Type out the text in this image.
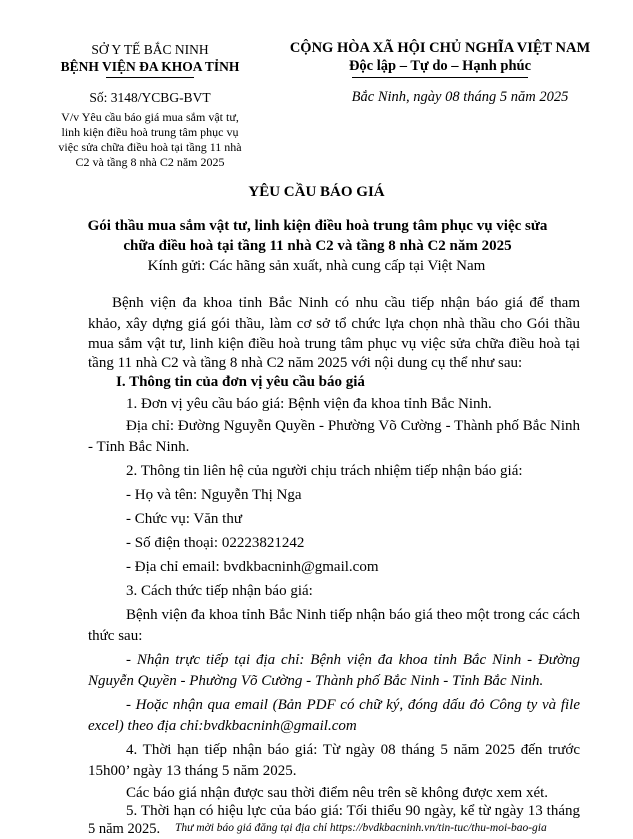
SỞ Y TẾ BẮC NINH
BỆNH VIỆN ĐA KHOA TỈNH
CỘNG HÒA XÃ HỘI CHỦ NGHĨA VIỆT NAM
Độc lập – Tự do – Hạnh phúc
Số: 3148/YCBG-BVT	Bắc Ninh, ngày 08 tháng 5 năm 2025
V/v Yêu cầu báo giá mua sắm vật tư,
linh kiện điều hoà trung tâm phục vụ
việc sửa chữa điều hoà tại tầng 11 nhà
C2 và tầng 8 nhà C2 năm 2025
YÊU CẦU BÁO GIÁ
Gói thầu mua sắm vật tư, linh kiện điều hoà trung tâm phục vụ việc sửa
chữa điều hoà tại tầng 11 nhà C2 và tầng 8 nhà C2 năm 2025
Kính gửi: Các hãng sản xuất, nhà cung cấp tại Việt Nam
Bệnh viện đa khoa tỉnh Bắc Ninh có nhu cầu tiếp nhận báo giá để tham
khảo, xây dựng giá gói thầu, làm cơ sở tổ chức lựa chọn nhà thầu cho Gói thầu
mua sắm vật tư, linh kiện điều hoà trung tâm phục vụ việc sửa chữa điều hoà tại
tầng 11 nhà C2 và tầng 8 nhà C2 năm 2025 với nội dung cụ thể như sau:
I. Thông tin của đơn vị yêu cầu báo giá
1. Đơn vị yêu cầu báo giá: Bệnh viện đa khoa tỉnh Bắc Ninh.
Địa chỉ: Đường Nguyễn Quyền - Phường Võ Cường - Thành phố Bắc Ninh
- Tỉnh Bắc Ninh.
2. Thông tin liên hệ của người chịu trách nhiệm tiếp nhận báo giá:
- Họ và tên: Nguyễn Thị Nga
- Chức vụ: Văn thư
- Số điện thoại: 02223821242
- Địa chỉ email: bvdkbacninh@gmail.com
3. Cách thức tiếp nhận báo giá:
Bệnh viện đa khoa tỉnh Bắc Ninh tiếp nhận báo giá theo một trong các cách
thức sau:
- Nhận trực tiếp tại địa chỉ: Bệnh viện đa khoa tỉnh Bắc Ninh - Đường
Nguyễn Quyền - Phường Võ Cường - Thành phố Bắc Ninh - Tỉnh Bắc Ninh.
- Hoặc nhận qua email (Bản PDF có chữ ký, đóng dấu đỏ Công ty và file
excel) theo địa chỉ:bvdkbacninh@gmail.com
4. Thời hạn tiếp nhận báo giá: Từ ngày 08 tháng 5 năm 2025 đến trước
15h00’ ngày 13 tháng 5 năm 2025.
Các báo giá nhận được sau thời điểm nêu trên sẽ không được xem xét.
5. Thời hạn có hiệu lực của báo giá: Tối thiểu 90 ngày, kể từ ngày 13 tháng
5 năm 2025. Thư mời báo giá đăng tại địa chỉ https://bvdkbacninh.vn/tin-tuc/thu-moi-bao-gia
